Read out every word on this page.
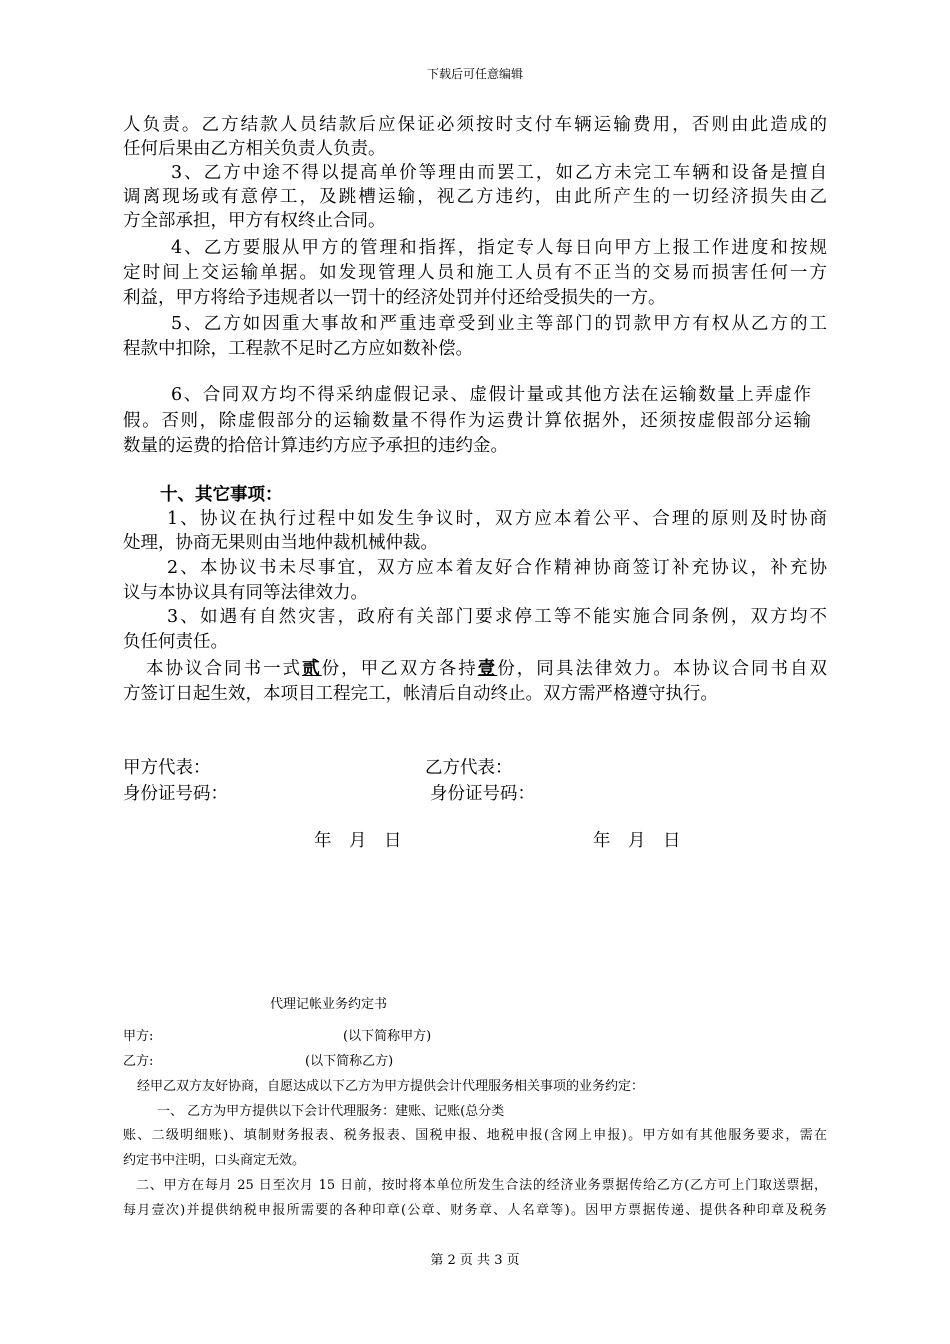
下载后可任意编辑
人负责。乙方结款人员结款后应保证必须按时支付车辆运输费用，否则由此造成的
任何后果由乙方相关负责人负责。
3、乙方中途不得以提高单价等理由而罢工，如乙方未完工车辆和设备是擅自
调离现场或有意停工，及跳槽运输，视乙方违约，由此所产生的一切经济损失由乙
方全部承担，甲方有权终止合同。
4、乙方要服从甲方的管理和指挥，指定专人每日向甲方上报工作进度和按规
定时间上交运输单据。如发现管理人员和施工人员有不正当的交易而损害任何一方
利益，甲方将给予违规者以一罚十的经济处罚并付还给受损失的一方。
5、乙方如因重大事故和严重违章受到业主等部门的罚款甲方有权从乙方的工
程款中扣除，工程款不足时乙方应如数补偿。
6、合同双方均不得采纳虚假记录、虚假计量或其他方法在运输数量上弄虚作
假。否则，除虚假部分的运输数量不得作为运费计算依据外，还须按虚假部分运输
数量的运费的拾倍计算违约方应予承担的违约金。
十、其它事项：
1、协议在执行过程中如发生争议时，双方应本着公平、合理的原则及时协商
处理，协商无果则由当地仲裁机械仲裁。
2、本协议书未尽事宜，双方应本着友好合作精神协商签订补充协议，补充协
议与本协议具有同等法律效力。
3、如遇有自然灾害，政府有关部门要求停工等不能实施合同条例，双方均不
负任何责任。
本协议合同书一式贰份，甲乙双方各持壹份，同具法律效力。本协议合同书自双
方签订日起生效，本项目工程完工，帐清后自动终止。双方需严格遵守执行。
甲方代表：	乙方代表：
身份证号码：	身份证号码：
年　月　日	年　月　日
代理记帐业务约定书
甲方:	(以下简称甲方)
乙方:	(以下简称乙方)
经甲乙双方友好协商，自愿达成以下乙方为甲方提供会计代理服务相关事项的业务约定：
一、 乙方为甲方提供以下会计代理服务：建账、记账(总分类
账、二级明细账)、填制财务报表、税务报表、国税申报、地税申报(含网上申报)。甲方如有其他服务要求，需在
约定书中注明，口头商定无效。
二、甲方在每月 25 日至次月 15 日前，按时将本单位所发生合法的经济业务票据传给乙方(乙方可上门取送票据，
每月壹次)并提供纳税申报所需要的各种印章(公章、财务章、人名章等)。因甲方票据传递、提供各种印章及税务
第 2 页 共 3 页
